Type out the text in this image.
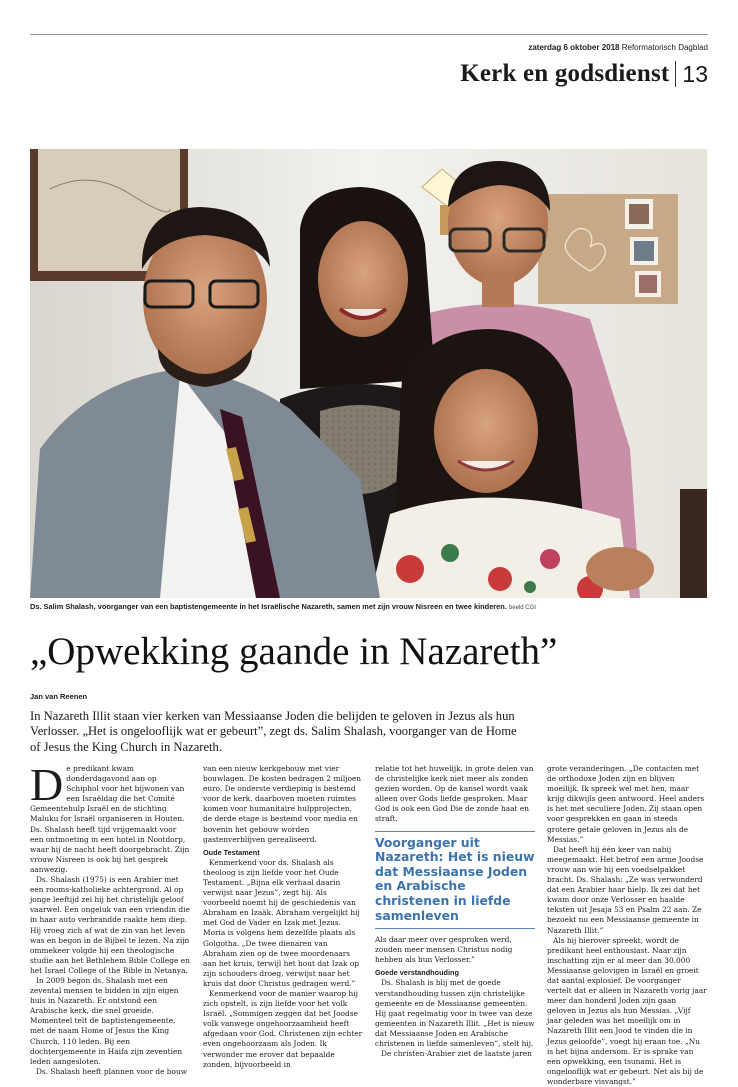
zaterdag 6 oktober 2018 Reformatorisch Dagblad
Kerk en godsdienst 13
Ds. Salim Shalash, voorganger van een baptistengemeente in het Israëlische Nazareth, samen met zijn vrouw Nisreen en twee kinderen. beeld CGI
„Opwekking gaande in Nazareth”
Jan van Reenen
In Nazareth Illit staan vier kerken van Messiaanse Joden die belijden te geloven in Jezus als hun Verlosser. „Het is ongelooflijk wat er gebeurt”, zegt ds. Salim Shalash, voorganger van de Home of Jesus the King Church in Nazareth.
D e predikant kwam donderdagavond aan op Schiphol voor het bijwonen van een Israëldag die het Comité Gemeentehulp Israël en de stichting Maluku for Israël organiseren in Houten. Ds. Shalash heeft tijd vrijgemaakt voor een ontmoeting in een hotel in Nootdorp, waar hij de nacht heeft doorgebracht. Zijn vrouw Nisreen is ook bij het gesprek aanwezig.

Ds. Shalash (1975) is een Arabier met een rooms-katholieke achtergrond. Al op jonge leeftijd zei hij het christelijk geloof vaarwel. Een ongeluk van een vriendin die in haar auto verbrandde raakte hem diep. Hij vroeg zich af wat de zin van het leven was en begon in de Bijbel te lezen. Na zijn ommekeer volgde hij een theologische studie aan het Bethlehem Bible College en het Israel College of the Bible in Netanya.

In 2009 begon ds. Shalash met een zevental mensen te bidden in zijn eigen huis in Nazareth. Er ontstond een Arabische kerk, die snel groeide. Momenteel telt de baptistengemeente, met de naam Home of Jesus the King Church, 110 leden. Bij een dochtergemeente in Haifa zijn zeventien leden aangesloten.

Ds. Shalash heeft plannen voor de bouw

van een nieuw kerkgebouw met vier bouwlagen. De kosten bedragen 2 miljoen euro. De onderste verdieping is bestemd voor de kerk, daarboven moeten ruimtes komen voor humanitaire hulpprojecten, de derde etage is bestemd voor media en bovenin het gebouw worden gastenverblijven gerealiseerd.

Oude Testament

Kenmerkend voor ds. Shalash als theoloog is zijn liefde voor het Oude Testament. „Bijna elk verhaal daarin verwijst naar Jezus”, zegt hij. Als voorbeeld noemt hij de geschiedenis van Abraham en Izaäk. Abraham vergelijkt hij met God de Vader en Izak met Jezus. Moria is volgens hem dezelfde plaats als Golgotha. „De twee dienaren van Abraham zien op de twee moordenaars aan het kruis, terwijl het hout dat Izak op zijn schouders droeg, verwijst naar het kruis dat door Christus gedragen werd.”

Kenmerkend voor de manier waarop hij zich opstelt, is zijn liefde voor het volk Israël. „Sommigen zeggen dat het Joodse volk vanwege ongehoorzaamheid heeft afgedaan voor God. Christenen zijn echter even ongehoorzaam als Joden. Ik verwonder me erover dat bepaalde zonden, bijvoorbeeld in

relatie tot het huwelijk, in grote delen van de christelijke kerk niet meer als zonden gezien worden. Op de kansel wordt vaak alleen over Gods liefde gesproken. Maar God is ook een God Die de zonde haat en straft.

Voorganger uit Nazareth: Het is nieuw dat Messiaanse Joden en Arabische christenen in liefde samenleven

Als daar meer over gesproken werd, zouden meer mensen Christus nodig hebben als hun Verlosser.”

Goede verstandhouding

Ds. Shalash is blij met de goede verstandhouding tussen zijn christelijke gemeente en de Messiaanse gemeenten. Hij gaat regelmatig voor in twee van deze gemeenten in Nazareth Illit. „Het is nieuw dat Messiaanse Joden en Arabische christenen in liefde samenleven”, stelt hij.

De christen-Arabier ziet de laatste jaren

grote veranderingen. „De contacten met de orthodoxe Joden zijn en blijven moeilijk. Ik spreek wel met hen, maar krijg dikwijls geen antwoord. Heel anders is het met seculiere Joden. Zij staan open voor gesprekken en gaan in steeds grotere getale geloven in Jezus als de Messias.”

Dat heeft hij één keer van nabij meegemaakt. Het betrof een arme Joodse vrouw aan wie hij een voedselpakket bracht. Ds. Shalash: „Ze was verwonderd dat een Arabier haar hielp. Ik zei dat het kwam door onze Verlosser en haalde teksten uit Jesaja 53 en Psalm 22 aan. Ze bezoekt nu een Messiaanse gemeente in Nazareth Illit.”

Als hij hierover spreekt, wordt de predikant heel enthousiast. Naar zijn inschatting zijn er al meer dan 30.000 Messiaanse gelovigen in Israël en groeit dat aantal explosief. De voorganger vertelt dat er alleen in Nazareth vorig jaar meer dan honderd Joden zijn gaan geloven in Jezus als hun Messias. „Vijf jaar geleden was het moeilijk om in Nazareth Illit een Jood te vinden die in Jezus geloofde”, voegt hij eraan toe. „Nu is het bijna andersom. Er is sprake van een opwekking, een tsunami. Het is ongelooflijk wat er gebeurt. Net als bij de wonderbare visvangst.”
